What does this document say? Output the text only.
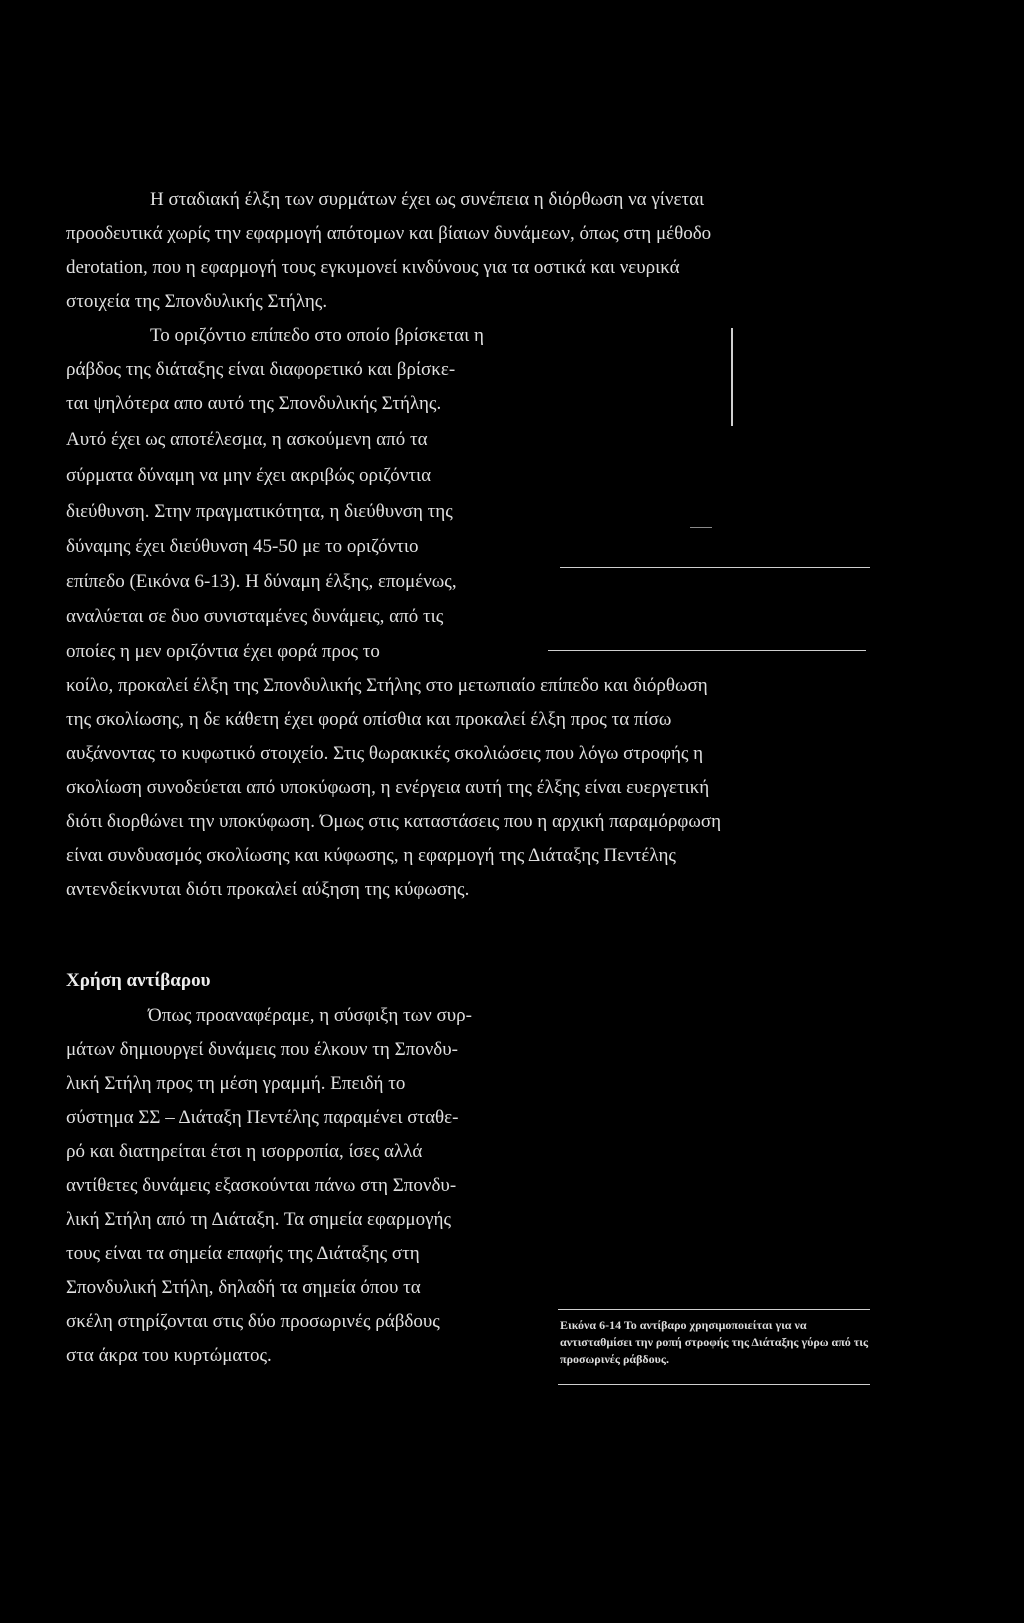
Η σταδιακή έλξη των συρμάτων έχει ως συνέπεια η διόρθωση να γίνεται
προοδευτικά χωρίς την εφαρμογή απότομων και βίαιων δυνάμεων, όπως στη μέθοδο
derotation, που η εφαρμογή τους εγκυμονεί κινδύνους για τα οστικά και νευρικά
στοιχεία της Σπονδυλικής Στήλης.
Το οριζόντιο επίπεδο στο οποίο βρίσκεται η
ράβδος της διάταξης είναι διαφορετικό και βρίσκε-
ται ψηλότερα απο αυτό της Σπονδυλικής Στήλης.
Αυτό έχει ως αποτέλεσμα, η ασκούμενη από τα
σύρματα δύναμη να μην έχει ακριβώς οριζόντια
διεύθυνση. Στην πραγματικότητα, η διεύθυνση της
δύναμης έχει διεύθυνση 45-50 με το οριζόντιο
επίπεδο (Εικόνα 6-13). Η δύναμη έλξης, επομένως,
αναλύεται σε δυο συνισταμένες δυνάμεις, από τις
οποίες η μεν οριζόντια έχει φορά προς το
κοίλο, προκαλεί έλξη της Σπονδυλικής Στήλης στο μετωπιαίο επίπεδο και διόρθωση
της σκολίωσης, η δε κάθετη έχει φορά οπίσθια και προκαλεί έλξη προς τα πίσω
αυξάνοντας το κυφωτικό στοιχείο. Στις θωρακικές σκολιώσεις που λόγω στροφής η
σκολίωση συνοδεύεται από υποκύφωση, η ενέργεια αυτή της έλξης είναι ευεργετική
διότι διορθώνει την υποκύφωση. Όμως στις καταστάσεις που η αρχική παραμόρφωση
είναι συνδυασμός σκολίωσης και κύφωσης, η εφαρμογή της Διάταξης Πεντέλης
αντενδείκνυται διότι προκαλεί αύξηση της κύφωσης.
Χρήση αντίβαρου
Όπως προαναφέραμε, η σύσφιξη των συρ-
μάτων δημιουργεί δυνάμεις που έλκουν τη Σπονδυ-
λική Στήλη προς τη μέση γραμμή. Επειδή το
σύστημα ΣΣ – Διάταξη Πεντέλης παραμένει σταθε-
ρό και διατηρείται έτσι η ισορροπία, ίσες αλλά
αντίθετες δυνάμεις εξασκούνται πάνω στη Σπονδυ-
λική Στήλη από τη Διάταξη. Τα σημεία εφαρμογής
τους είναι τα σημεία επαφής της Διάταξης στη
Σπονδυλική Στήλη, δηλαδή τα σημεία όπου τα
σκέλη στηρίζονται στις δύο προσωρινές ράβδους
στα άκρα του κυρτώματος.
Εικόνα 6-14 Το αντίβαρο χρησιμοποιείται για να αντισταθμίσει την ροπή στροφής της Διάταξης γύρω από τις προσωρινές ράβδους.
